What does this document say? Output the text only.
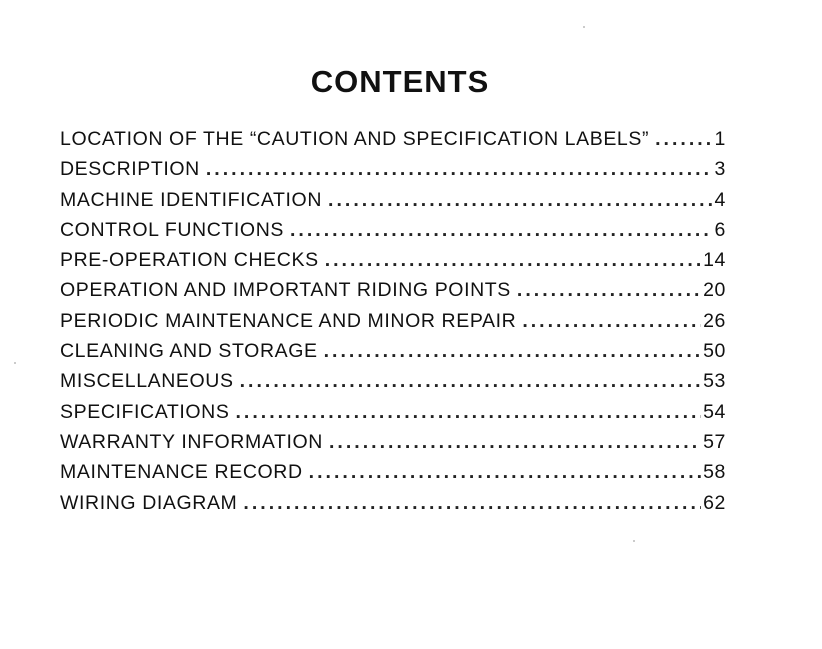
CONTENTS
LOCATION OF THE “CAUTION AND SPECIFICATION LABELS” . . .	1
DESCRIPTION . . .	3
MACHINE IDENTIFICATION . . .	4
CONTROL FUNCTIONS . . .	6
PRE-OPERATION CHECKS . . .	14
OPERATION AND IMPORTANT RIDING POINTS . . .	20
PERIODIC MAINTENANCE AND MINOR REPAIR . . .	26
CLEANING AND STORAGE . . .	50
MISCELLANEOUS . . .	53
SPECIFICATIONS . . .	54
WARRANTY INFORMATION . . .	57
MAINTENANCE RECORD . . .	58
WIRING DIAGRAM . . .	62
